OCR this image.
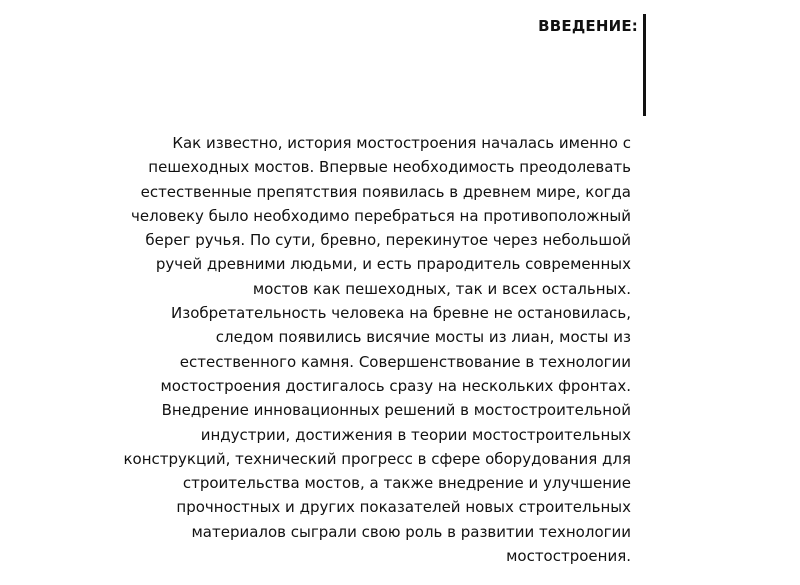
ВВЕДЕНИЕ:

Как известно, история мостостроения началась именно с
пешеходных мостов. Впервые необходимость преодолевать
естественные препятствия появилась в древнем мире, когда
человеку было необходимо перебраться на противоположный
берег ручья. По сути, бревно, перекинутое через небольшой
ручей древними людьми, и есть прародитель современных
мостов как пешеходных, так и всех остальных.
Изобретательность человека на бревне не остановилась,
следом появились висячие мосты из лиан, мосты из
естественного камня. Совершенствование в технологии
мостостроения достигалось сразу на нескольких фронтах.
Внедрение инновационных решений в мостостроительной
индустрии, достижения в теории мостостроительных
конструкций, технический прогресс в сфере оборудования для
строительства мостов, а также внедрение и улучшение
прочностных и других показателей новых строительных
материалов сыграли свою роль в развитии технологии
мостостроения.
